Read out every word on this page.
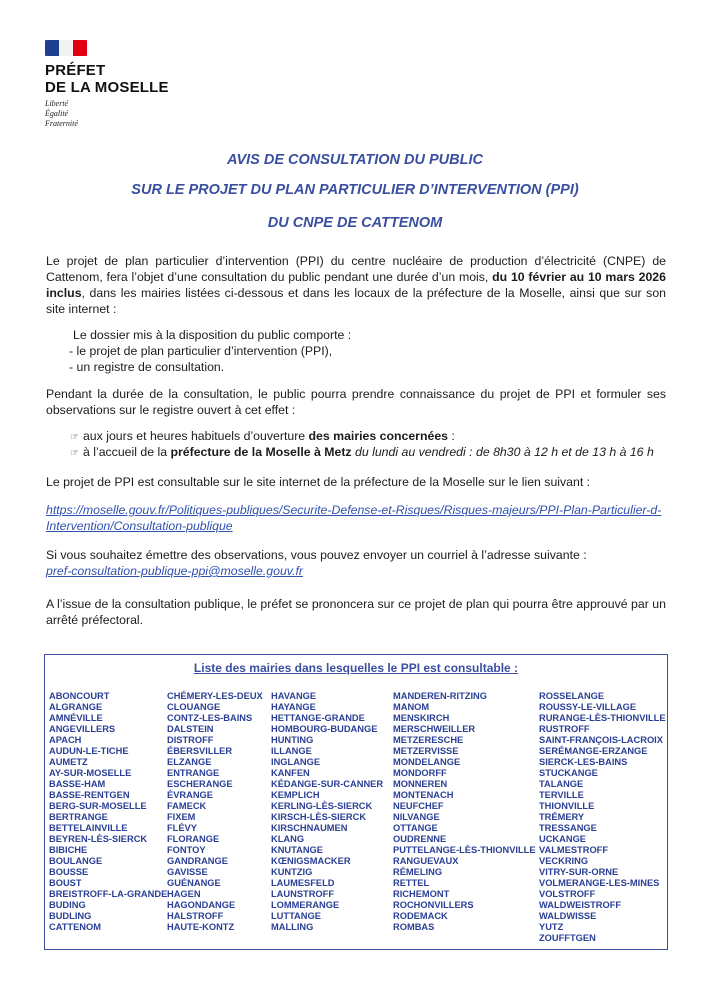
PRÉFET
DE LA MOSELLE
Liberté
Égalité
Fraternité
AVIS DE CONSULTATION DU PUBLIC
SUR LE PROJET DU PLAN PARTICULIER D’INTERVENTION (PPI)
DU CNPE DE CATTENOM
Le projet de plan particulier d’intervention (PPI) du centre nucléaire de production d’électricité (CNPE) de Cattenom, fera l’objet d’une consultation du public pendant une durée d’un mois, du 10 février au 10 mars 2026 inclus, dans les mairies listées ci-dessous et dans les locaux de la préfecture de la Moselle, ainsi que sur son site internet :
Le dossier mis à la disposition du public comporte :
- le projet de plan particulier d’intervention (PPI),
- un registre de consultation.
Pendant la durée de la consultation, le public pourra prendre connaissance du projet de PPI et formuler ses observations sur le registre ouvert à cet effet :
☞ aux jours et heures habituels d’ouverture des mairies concernées :
☞ à l’accueil de la préfecture de la Moselle à Metz du lundi au vendredi : de 8h30 à 12 h et de 13 h à 16 h
Le projet de PPI est consultable sur le site internet de la préfecture de la Moselle sur le lien suivant :
https://moselle.gouv.fr/Politiques-publiques/Securite-Defense-et-Risques/Risques-majeurs/PPI-Plan-Particulier-d-Intervention/Consultation-publique
Si vous souhaitez émettre des observations, vous pouvez envoyer un courriel à l’adresse suivante :
pref-consultation-publique-ppi@moselle.gouv.fr
A l’issue de la consultation publique, le préfet se prononcera sur ce projet de plan qui pourra être approuvé par un arrêté préfectoral.
Liste des mairies dans lesquelles le PPI est consultable :
ABONCOURT
ALGRANGE
AMNÉVILLE
ANGEVILLERS
APACH
AUDUN-LE-TICHE
AUMETZ
AY-SUR-MOSELLE
BASSE-HAM
BASSE-RENTGEN
BERG-SUR-MOSELLE
BERTRANGE
BETTELAINVILLE
BEYREN-LÈS-SIERCK
BIBICHE
BOULANGE
BOUSSE
BOUST
BREISTROFF-LA-GRANDE
BUDING
BUDLING
CATTENOM
CHÉMERY-LES-DEUX
CLOUANGE
CONTZ-LES-BAINS
DALSTEIN
DISTROFF
ÉBERSVILLER
ELZANGE
ENTRANGE
ESCHERANGE
ÉVRANGE
FAMECK
FIXEM
FLÉVY
FLORANGE
FONTOY
GANDRANGE
GAVISSE
GUÉNANGE
HAGEN
HAGONDANGE
HALSTROFF
HAUTE-KONTZ
HAVANGE
HAYANGE
HETTANGE-GRANDE
HOMBOURG-BUDANGE
HUNTING
ILLANGE
INGLANGE
KANFEN
KÉDANGE-SUR-CANNER
KEMPLICH
KERLING-LÈS-SIERCK
KIRSCH-LÈS-SIERCK
KIRSCHNAUMEN
KLANG
KNUTANGE
KŒNIGSMACKER
KUNTZIG
LAUMESFELD
LAUNSTROFF
LOMMERANGE
LUTTANGE
MALLING
MANDEREN-RITZING
MANOM
MENSKIRCH
MERSCHWEILLER
METZERESCHE
METZERVISSE
MONDELANGE
MONDORFF
MONNEREN
MONTENACH
NEUFCHEF
NILVANGE
OTTANGE
OUDRENNE
PUTTELANGE-LÈS-THIONVILLE
RANGUEVAUX
RÉMELING
RETTEL
RICHEMONT
ROCHONVILLERS
RODEMACK
ROMBAS
ROSSELANGE
ROUSSY-LE-VILLAGE
RURANGE-LÈS-THIONVILLE
RUSTROFF
SAINT-FRANÇOIS-LACROIX
SERÉMANGE-ERZANGE
SIERCK-LES-BAINS
STUCKANGE
TALANGE
TERVILLE
THIONVILLE
TRÉMERY
TRESSANGE
UCKANGE
VALMESTROFF
VECKRING
VITRY-SUR-ORNE
VOLMERANGE-LES-MINES
VOLSTROFF
WALDWEISTROFF
WALDWISSE
YUTZ
ZOUFFTGEN
